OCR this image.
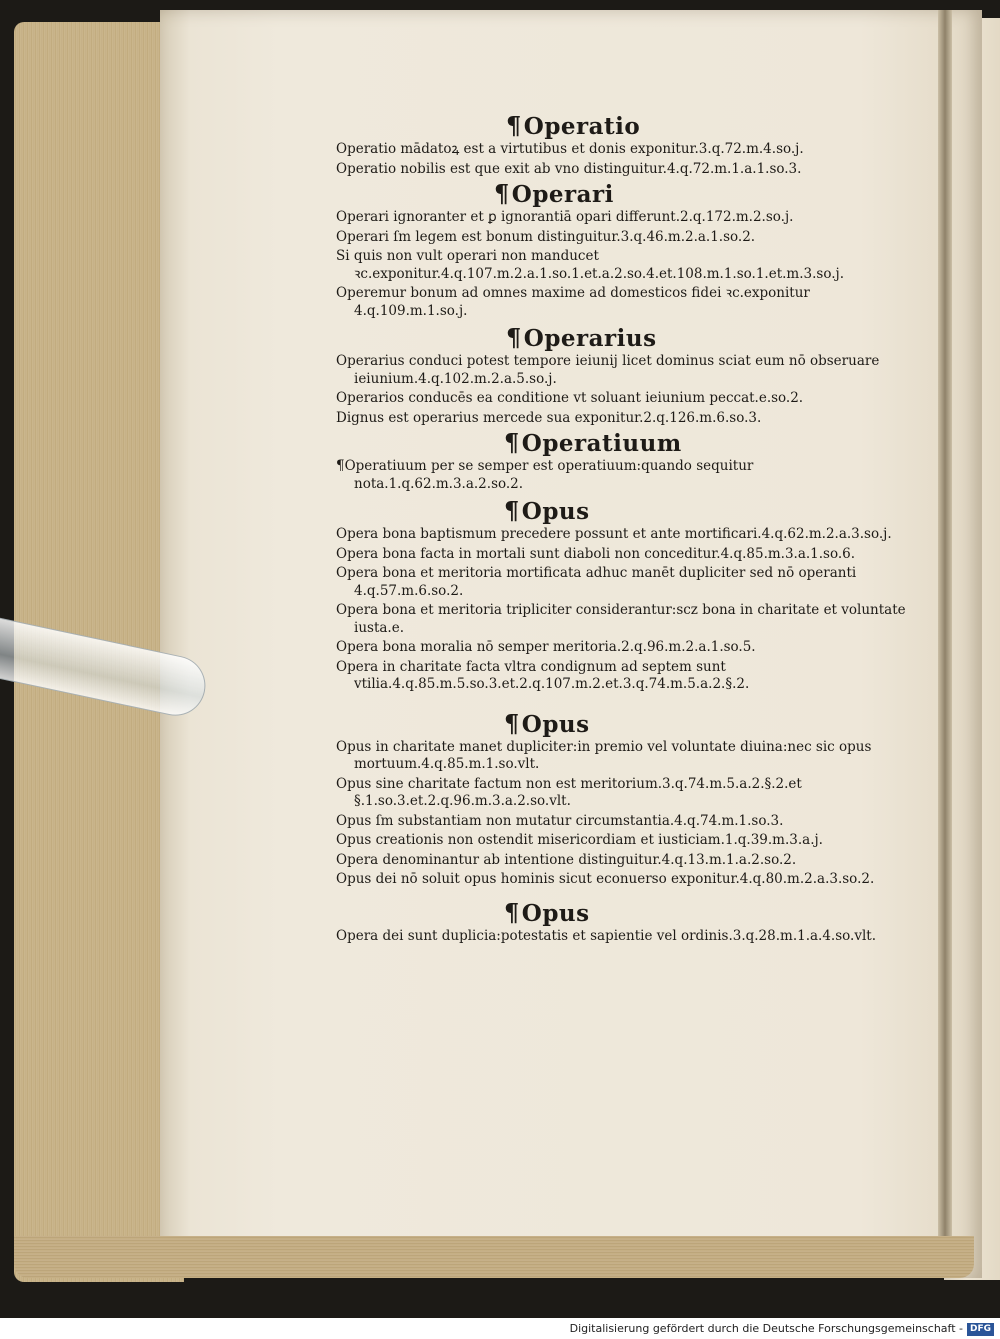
¶Operatio
Operatio mādatoꝝ est a virtutibus et donis exponitur.3.q.72.m.4.so.j.
Operatio nobilis est que exit ab vno distinguitur.4.q.72.m.1.a.1.so.3.
¶Operari
Operari ignoranter et ꝑ ignorantiā opari differunt.2.q.172.m.2.so.j.
Operari ſm legem est bonum distinguitur.3.q.46.m.2.a.1.so.2.
Si quis non vult operari non manducet ꝛc.exponitur.4.q.107.m.2.a.1.so.1.et.a.2.so.4.et.108.m.1.so.1.et.m.3.so.j.
Operemur bonum ad omnes maxime ad domesticos fidei ꝛc.exponitur 4.q.109.m.1.so.j.
¶Operarius
Operarius conduci potest tempore ieiunij licet dominus sciat eum nō obseruare ieiunium.4.q.102.m.2.a.5.so.j.
Operarios conducēs ea conditione vt soluant ieiunium peccat.e.so.2.
Dignus est operarius mercede sua exponitur.2.q.126.m.6.so.3.
¶Operatiuum
¶Operatiuum per se semper est operatiuum:quando sequitur nota.1.q.62.m.3.a.2.so.2.
¶Opus
Opera bona baptismum precedere possunt et ante mortificari.4.q.62.m.2.a.3.so.j.
Opera bona facta in mortali sunt diaboli non conceditur.4.q.85.m.3.a.1.so.6.
Opera bona et meritoria mortificata adhuc manēt dupliciter sed nō operanti 4.q.57.m.6.so.2.
Opera bona et meritoria tripliciter considerantur:scz bona in charitate et voluntate iusta.e.
Opera bona moralia nō semper meritoria.2.q.96.m.2.a.1.so.5.
Opera in charitate facta vltra condignum ad septem sunt vtilia.4.q.85.m.5.so.3.et.2.q.107.m.2.et.3.q.74.m.5.a.2.§.2.
¶Opus
Opus in charitate manet dupliciter:in premio vel voluntate diuina:nec sic opus mortuum.4.q.85.m.1.so.vlt.
Opus sine charitate factum non est meritorium.3.q.74.m.5.a.2.§.2.et §.1.so.3.et.2.q.96.m.3.a.2.so.vlt.
Opus ſm substantiam non mutatur circumstantia.4.q.74.m.1.so.3.
Opus creationis non ostendit misericordiam et iusticiam.1.q.39.m.3.a.j.
Opera denominantur ab intentione distinguitur.4.q.13.m.1.a.2.so.2.
Opus dei nō soluit opus hominis sicut econuerso exponitur.4.q.80.m.2.a.3.so.2.
¶Opus
Opera dei sunt duplicia:potestatis et sapientie vel ordinis.3.q.28.m.1.a.4.so.vlt.
Digitalisierung gefördert durch die Deutsche Forschungsgemeinschaft - DFG
